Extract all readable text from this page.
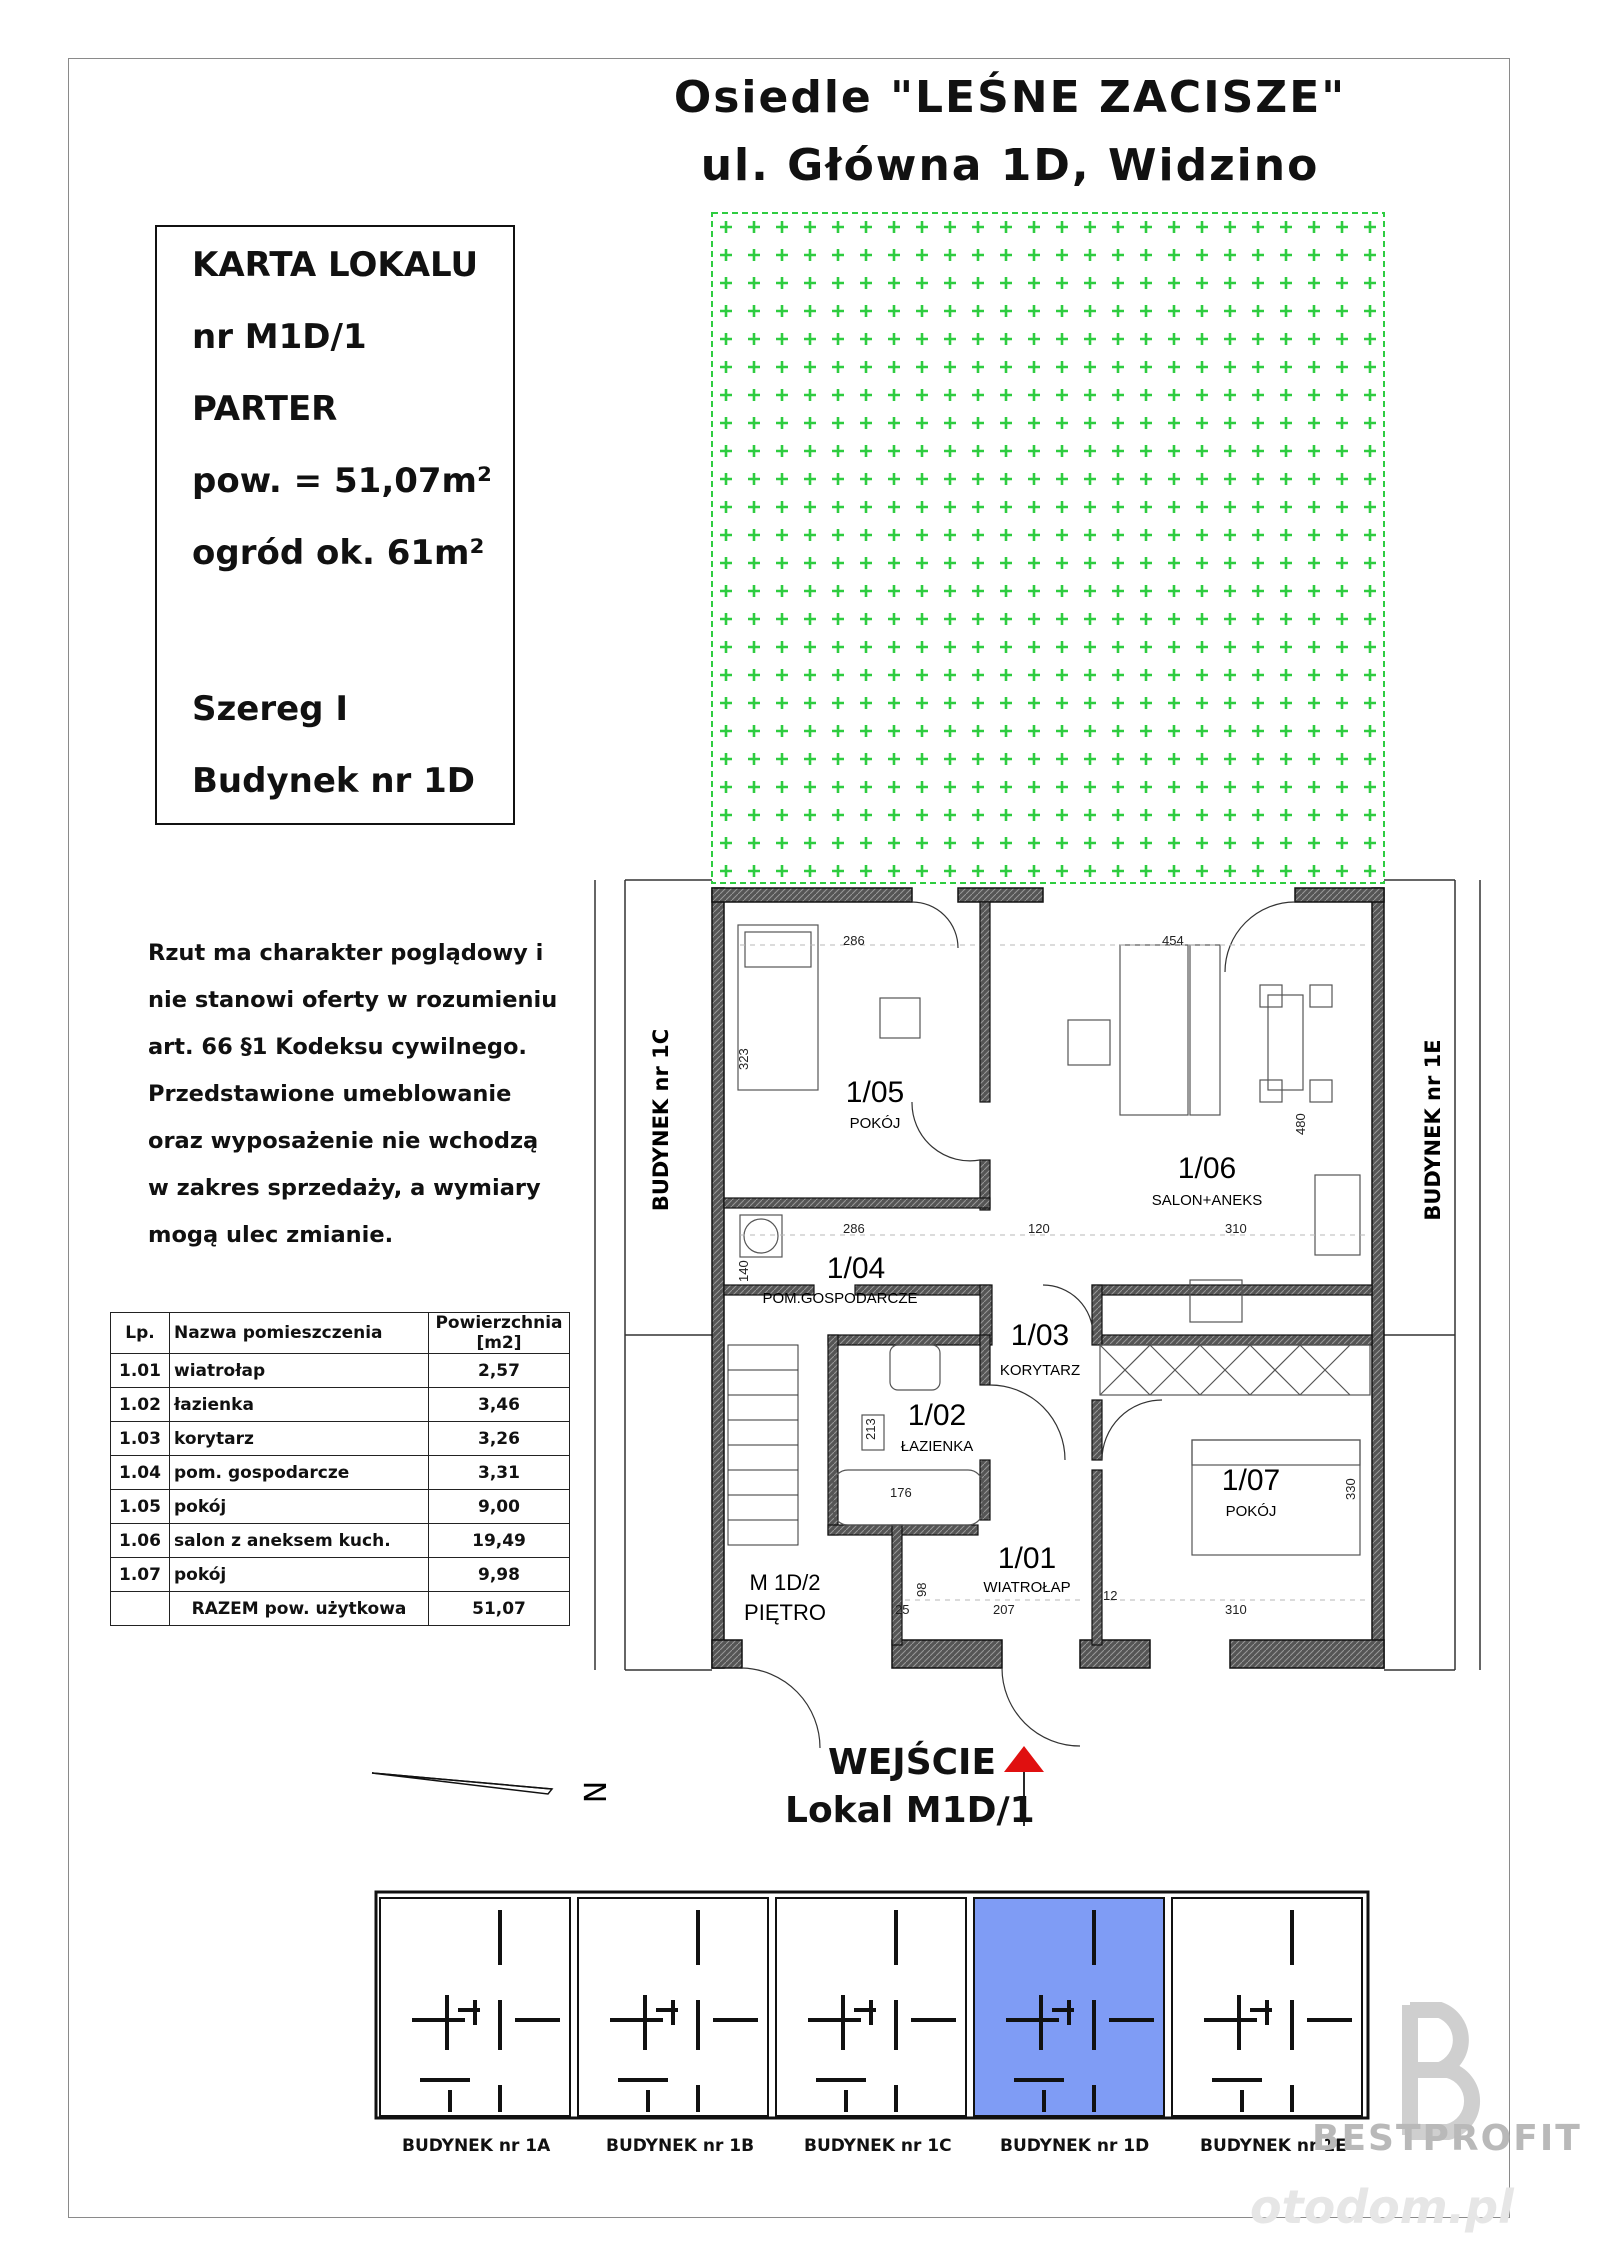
Osiedle "LEŚNE ZACISZE"
ul. Główna 1D, Widzino
KARTA LOKALU
nr M1D/1
PARTER
pow. = 51,07m²
ogród ok. 61m²
Szereg I
Budynek nr 1D
Rzut ma charakter poglądowy i
nie stanowi oferty w rozumieniu
art. 66 §1 Kodeksu cywilnego.
Przedstawione umeblowanie
oraz wyposażenie nie wchodzą
w zakres sprzedaży, a wymiary
mogą ulec zmianie.
Lp.	Nazwa pomieszczenia	Powierzchnia
[m2]

1.01	wiatrołap	2,57
1.02	łazienka	3,46
1.03	korytarz	3,26
1.04	pom. gospodarcze	3,31
1.05	pokój	9,00
1.06	salon z aneksem kuch.	19,49
1.07	pokój	9,98
	RAZEM pow. użytkowa	51,07
BUDYNEK nr 1C	BUDYNEK nr 1E
1/05
POKÓJ
1/06
SALON+ANEKS
1/04
POM.GOSPODARCZE
1/03
KORYTARZ
1/02
ŁAZIENKA
1/07
POKÓJ
1/01
WIATROŁAP
M 1D/2
PIĘTRO
286	454
323
480
286	120	310
140
213
176	330
98
25	207
12
310
N
WEJŚCIE
Lokal M1D/1
BUDYNEK nr 1A	BUDYNEK nr 1B	BUDYNEK nr 1C	BUDYNEK nr 1D	BUDYNEK nr 1E
BESTPROFIT
otodom.pl
